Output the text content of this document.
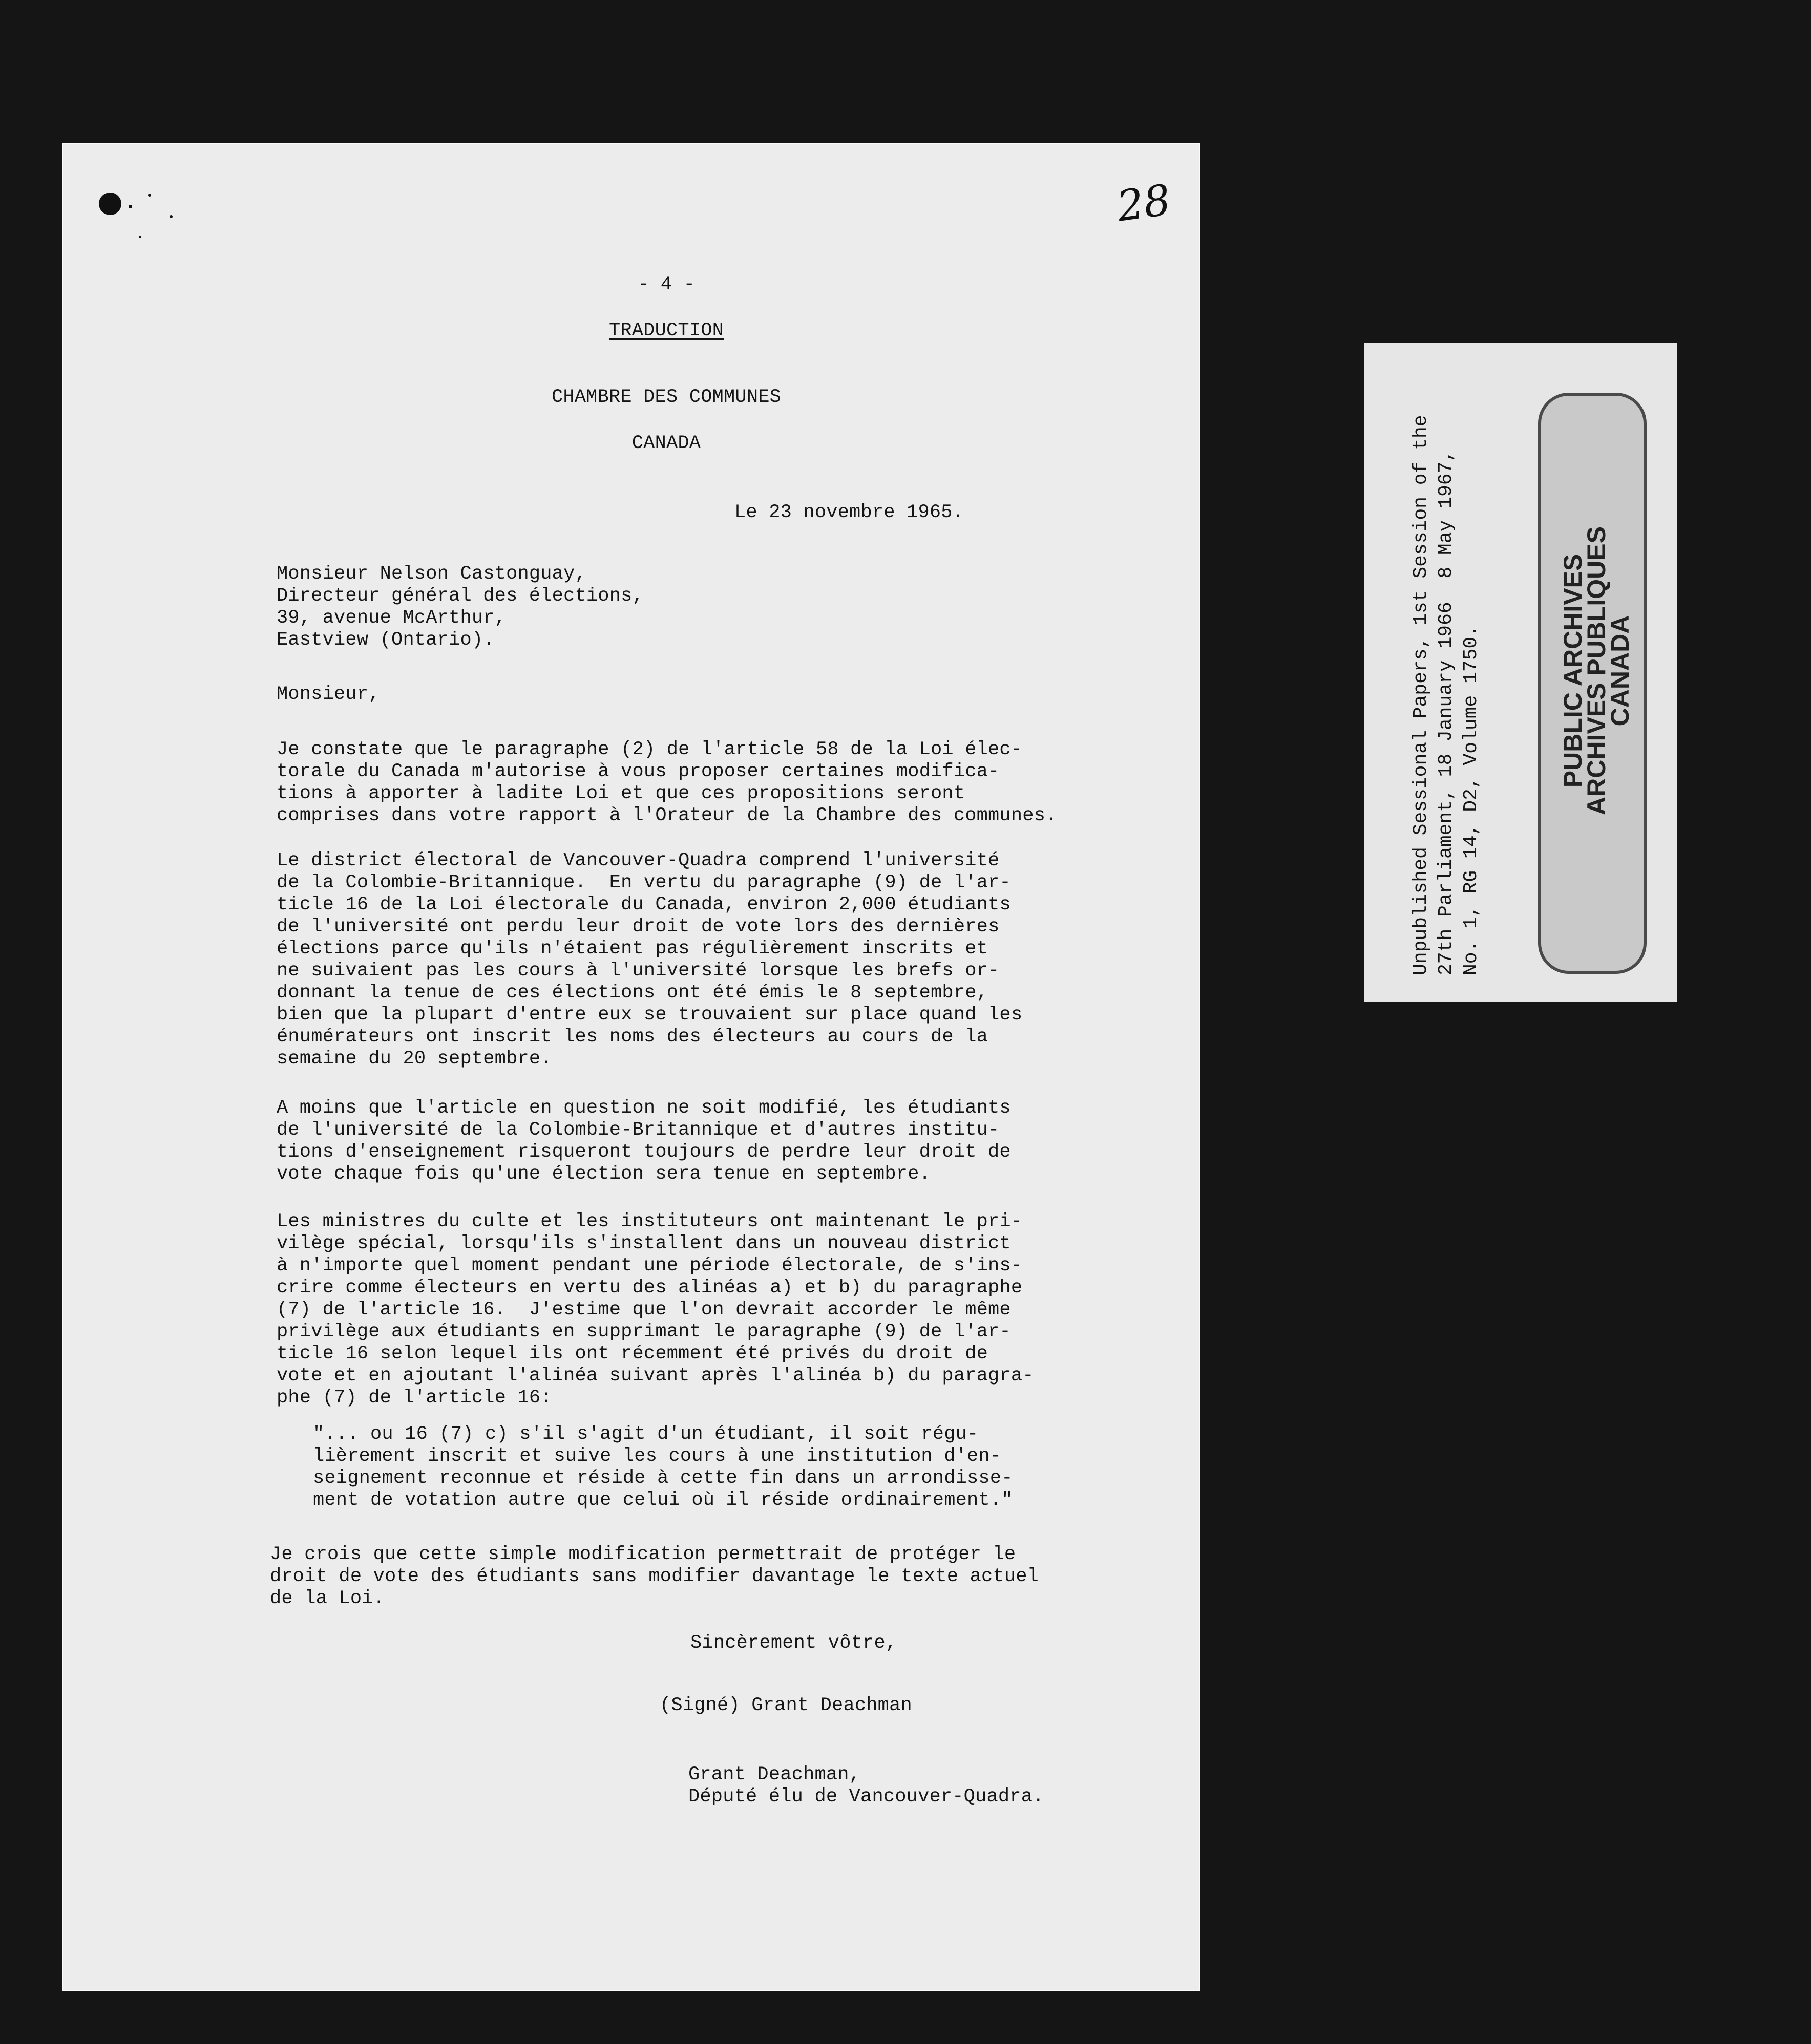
28
- 4 -
TRADUCTION
CHAMBRE DES COMMUNES
CANADA
Le 23 novembre 1965.
Monsieur Nelson Castonguay,
Directeur général des élections,
39, avenue McArthur,
Eastview (Ontario).
Monsieur,
Je constate que le paragraphe (2) de l'article 58 de la Loi élec-
torale du Canada m'autorise à vous proposer certaines modifica-
tions à apporter à ladite Loi et que ces propositions seront
comprises dans votre rapport à l'Orateur de la Chambre des communes.
Le district électoral de Vancouver-Quadra comprend l'université
de la Colombie-Britannique.  En vertu du paragraphe (9) de l'ar-
ticle 16 de la Loi électorale du Canada, environ 2,000 étudiants
de l'université ont perdu leur droit de vote lors des dernières
élections parce qu'ils n'étaient pas régulièrement inscrits et
ne suivaient pas les cours à l'université lorsque les brefs or-
donnant la tenue de ces élections ont été émis le 8 septembre,
bien que la plupart d'entre eux se trouvaient sur place quand les
énumérateurs ont inscrit les noms des électeurs au cours de la
semaine du 20 septembre.
A moins que l'article en question ne soit modifié, les étudiants
de l'université de la Colombie-Britannique et d'autres institu-
tions d'enseignement risqueront toujours de perdre leur droit de
vote chaque fois qu'une élection sera tenue en septembre.
Les ministres du culte et les instituteurs ont maintenant le pri-
vilège spécial, lorsqu'ils s'installent dans un nouveau district
à n'importe quel moment pendant une période électorale, de s'ins-
crire comme électeurs en vertu des alinéas a) et b) du paragraphe
(7) de l'article 16.  J'estime que l'on devrait accorder le même
privilège aux étudiants en supprimant le paragraphe (9) de l'ar-
ticle 16 selon lequel ils ont récemment été privés du droit de
vote et en ajoutant l'alinéa suivant après l'alinéa b) du paragra-
phe (7) de l'article 16:
"... ou 16 (7) c) s'il s'agit d'un étudiant, il soit régu-
lièrement inscrit et suive les cours à une institution d'en-
seignement reconnue et réside à cette fin dans un arrondisse-
ment de votation autre que celui où il réside ordinairement."
Je crois que cette simple modification permettrait de protéger le
droit de vote des étudiants sans modifier davantage le texte actuel
de la Loi.
Sincèrement vôtre,
(Signé) Grant Deachman
Grant Deachman,
Député élu de Vancouver-Quadra.
Unpublished Sessional Papers, 1st Session of the
27th Parliament, 18 January 1966  8 May 1967,
No. 1, RG 14, D2, Volume 1750.
PUBLIC ARCHIVES
ARCHIVES PUBLIQUES
CANADA
